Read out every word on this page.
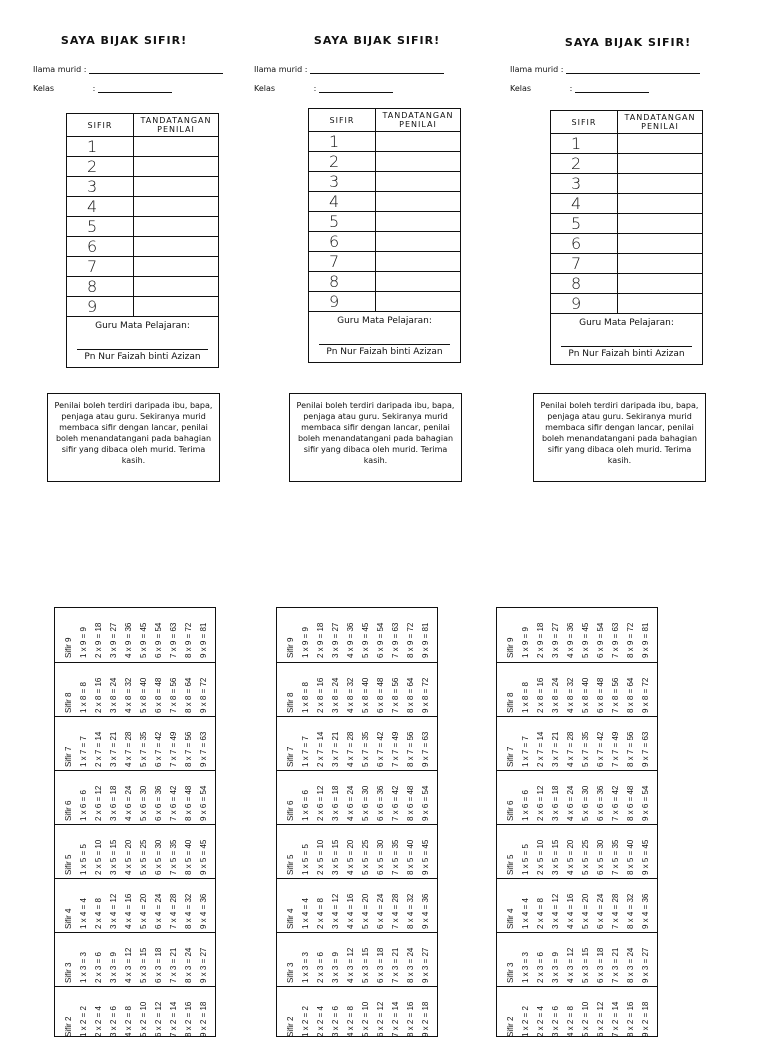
SAYA BIJAK SIFIR!
Ilama murid :
Kelas	:
SIFIR	TANDATANGAN PENILAI
1	
2	
3	
4	
5	
6	
7	
8	
9	
Guru Mata Pelajaran:
Pn Nur Faizah binti Azizan	
Penilai boleh terdiri daripada ibu, bapa, penjaga atau guru. Sekiranya murid membaca sifir dengan lancar, penilai boleh menandatangani pada bahagian sifir yang dibaca oleh murid. Terima kasih.
SAYA BIJAK SIFIR!
Ilama murid :
Kelas	:
SIFIR	TANDATANGAN PENILAI
1	
2	
3	
4	
5	
6	
7	
8	
9	
Guru Mata Pelajaran:
Pn Nur Faizah binti Azizan	
Penilai boleh terdiri daripada ibu, bapa, penjaga atau guru. Sekiranya murid membaca sifir dengan lancar, penilai boleh menandatangani pada bahagian sifir yang dibaca oleh murid. Terima kasih.
SAYA BIJAK SIFIR!
Ilama murid :
Kelas	:
SIFIR	TANDATANGAN PENILAI
1	
2	
3	
4	
5	
6	
7	
8	
9	
Guru Mata Pelajaran:
Pn Nur Faizah binti Azizan	
Penilai boleh terdiri daripada ibu, bapa, penjaga atau guru. Sekiranya murid membaca sifir dengan lancar, penilai boleh menandatangani pada bahagian sifir yang dibaca oleh murid. Terima kasih.
Sifir 9 1 x 9 = 9 2 x 9 = 18 3 x 9 = 27 4 x 9 = 36 5 x 9 = 45 6 x 9 = 54 7 x 9 = 63 8 x 9 = 72 9 x 9 = 81
Sifir 8 1 x 8 = 8 2 x 8 = 16 3 x 8 = 24 4 x 8 = 32 5 x 8 = 40 6 x 8 = 48 7 x 8 = 56 8 x 8 = 64 9 x 8 = 72
Sifir 7 1 x 7 = 7 2 x 7 = 14 3 x 7 = 21 4 x 7 = 28 5 x 7 = 35 6 x 7 = 42 7 x 7 = 49 8 x 7 = 56 9 x 7 = 63
Sifir 6 1 x 6 = 6 2 x 6 = 12 3 x 6 = 18 4 x 6 = 24 5 x 6 = 30 6 x 6 = 36 7 x 6 = 42 8 x 6 = 48 9 x 6 = 54
Sifir 5 1 x 5 = 5 2 x 5 = 10 3 x 5 = 15 4 x 5 = 20 5 x 5 = 25 6 x 5 = 30 7 x 5 = 35 8 x 5 = 40 9 x 5 = 45
Sifir 4 1 x 4 = 4 2 x 4 = 8 3 x 4 = 12 4 x 4 = 16 5 x 4 = 20 6 x 4 = 24 7 x 4 = 28 8 x 4 = 32 9 x 4 = 36
Sifir 3 1 x 3 = 3 2 x 3 = 6 3 x 3 = 9 4 x 3 = 12 5 x 3 = 15 6 x 3 = 18 7 x 3 = 21 8 x 3 = 24 9 x 3 = 27
Sifir 2 1 x 2 = 2 2 x 2 = 4 3 x 2 = 6 4 x 2 = 8 5 x 2 = 10 6 x 2 = 12 7 x 2 = 14 8 x 2 = 16 9 x 2 = 18
Sifir 9 1 x 9 = 9 2 x 9 = 18 3 x 9 = 27 4 x 9 = 36 5 x 9 = 45 6 x 9 = 54 7 x 9 = 63 8 x 9 = 72 9 x 9 = 81
Sifir 8 1 x 8 = 8 2 x 8 = 16 3 x 8 = 24 4 x 8 = 32 5 x 8 = 40 6 x 8 = 48 7 x 8 = 56 8 x 8 = 64 9 x 8 = 72
Sifir 7 1 x 7 = 7 2 x 7 = 14 3 x 7 = 21 4 x 7 = 28 5 x 7 = 35 6 x 7 = 42 7 x 7 = 49 8 x 7 = 56 9 x 7 = 63
Sifir 6 1 x 6 = 6 2 x 6 = 12 3 x 6 = 18 4 x 6 = 24 5 x 6 = 30 6 x 6 = 36 7 x 6 = 42 8 x 6 = 48 9 x 6 = 54
Sifir 5 1 x 5 = 5 2 x 5 = 10 3 x 5 = 15 4 x 5 = 20 5 x 5 = 25 6 x 5 = 30 7 x 5 = 35 8 x 5 = 40 9 x 5 = 45
Sifir 4 1 x 4 = 4 2 x 4 = 8 3 x 4 = 12 4 x 4 = 16 5 x 4 = 20 6 x 4 = 24 7 x 4 = 28 8 x 4 = 32 9 x 4 = 36
Sifir 3 1 x 3 = 3 2 x 3 = 6 3 x 3 = 9 4 x 3 = 12 5 x 3 = 15 6 x 3 = 18 7 x 3 = 21 8 x 3 = 24 9 x 3 = 27
Sifir 2 1 x 2 = 2 2 x 2 = 4 3 x 2 = 6 4 x 2 = 8 5 x 2 = 10 6 x 2 = 12 7 x 2 = 14 8 x 2 = 16 9 x 2 = 18
Sifir 9 1 x 9 = 9 2 x 9 = 18 3 x 9 = 27 4 x 9 = 36 5 x 9 = 45 6 x 9 = 54 7 x 9 = 63 8 x 9 = 72 9 x 9 = 81
Sifir 8 1 x 8 = 8 2 x 8 = 16 3 x 8 = 24 4 x 8 = 32 5 x 8 = 40 6 x 8 = 48 7 x 8 = 56 8 x 8 = 64 9 x 8 = 72
Sifir 7 1 x 7 = 7 2 x 7 = 14 3 x 7 = 21 4 x 7 = 28 5 x 7 = 35 6 x 7 = 42 7 x 7 = 49 8 x 7 = 56 9 x 7 = 63
Sifir 6 1 x 6 = 6 2 x 6 = 12 3 x 6 = 18 4 x 6 = 24 5 x 6 = 30 6 x 6 = 36 7 x 6 = 42 8 x 6 = 48 9 x 6 = 54
Sifir 5 1 x 5 = 5 2 x 5 = 10 3 x 5 = 15 4 x 5 = 20 5 x 5 = 25 6 x 5 = 30 7 x 5 = 35 8 x 5 = 40 9 x 5 = 45
Sifir 4 1 x 4 = 4 2 x 4 = 8 3 x 4 = 12 4 x 4 = 16 5 x 4 = 20 6 x 4 = 24 7 x 4 = 28 8 x 4 = 32 9 x 4 = 36
Sifir 3 1 x 3 = 3 2 x 3 = 6 3 x 3 = 9 4 x 3 = 12 5 x 3 = 15 6 x 3 = 18 7 x 3 = 21 8 x 3 = 24 9 x 3 = 27
Sifir 2 1 x 2 = 2 2 x 2 = 4 3 x 2 = 6 4 x 2 = 8 5 x 2 = 10 6 x 2 = 12 7 x 2 = 14 8 x 2 = 16 9 x 2 = 18
